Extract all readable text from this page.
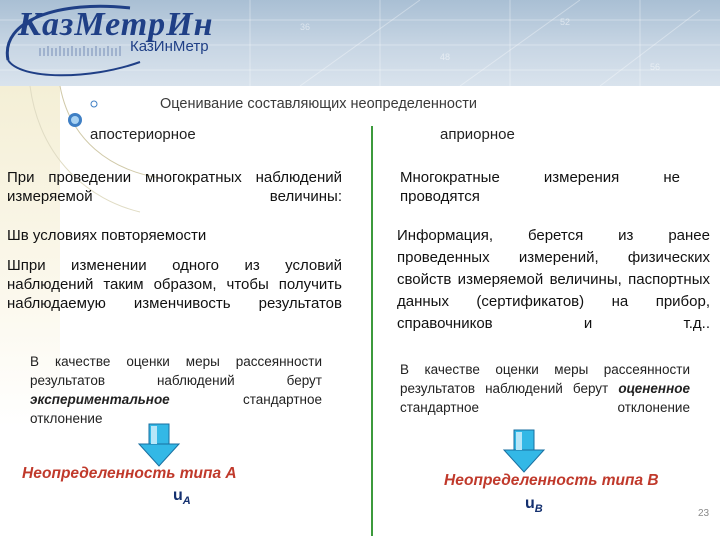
36
48
52
56
КазМетрИн
КазИнМетр
Оценивание составляющих неопределенности
апостериорное	априорное
При проведении многократных наблюдений измеряемой величины:
Шв условиях повторяемости
Шпри изменении одного из условий наблюдений таким образом, чтобы получить наблюдаемую изменчивость результатов
В качестве оценки меры рассеянности результатов наблюдений берут экспериментальное стандартное отклонение
Многократные измерения не проводятся
Информация, берется из ранее проведенных измерений, физических свойств измеряемой величины, паспортных данных (сертификатов) на прибор, справочников и т.д..
В качестве оценки меры рассеянности результатов наблюдений берут оцененное стандартное отклонение
Неопределенность типа А
$u_A$
Неопределенность типа В
$u_B$	23
